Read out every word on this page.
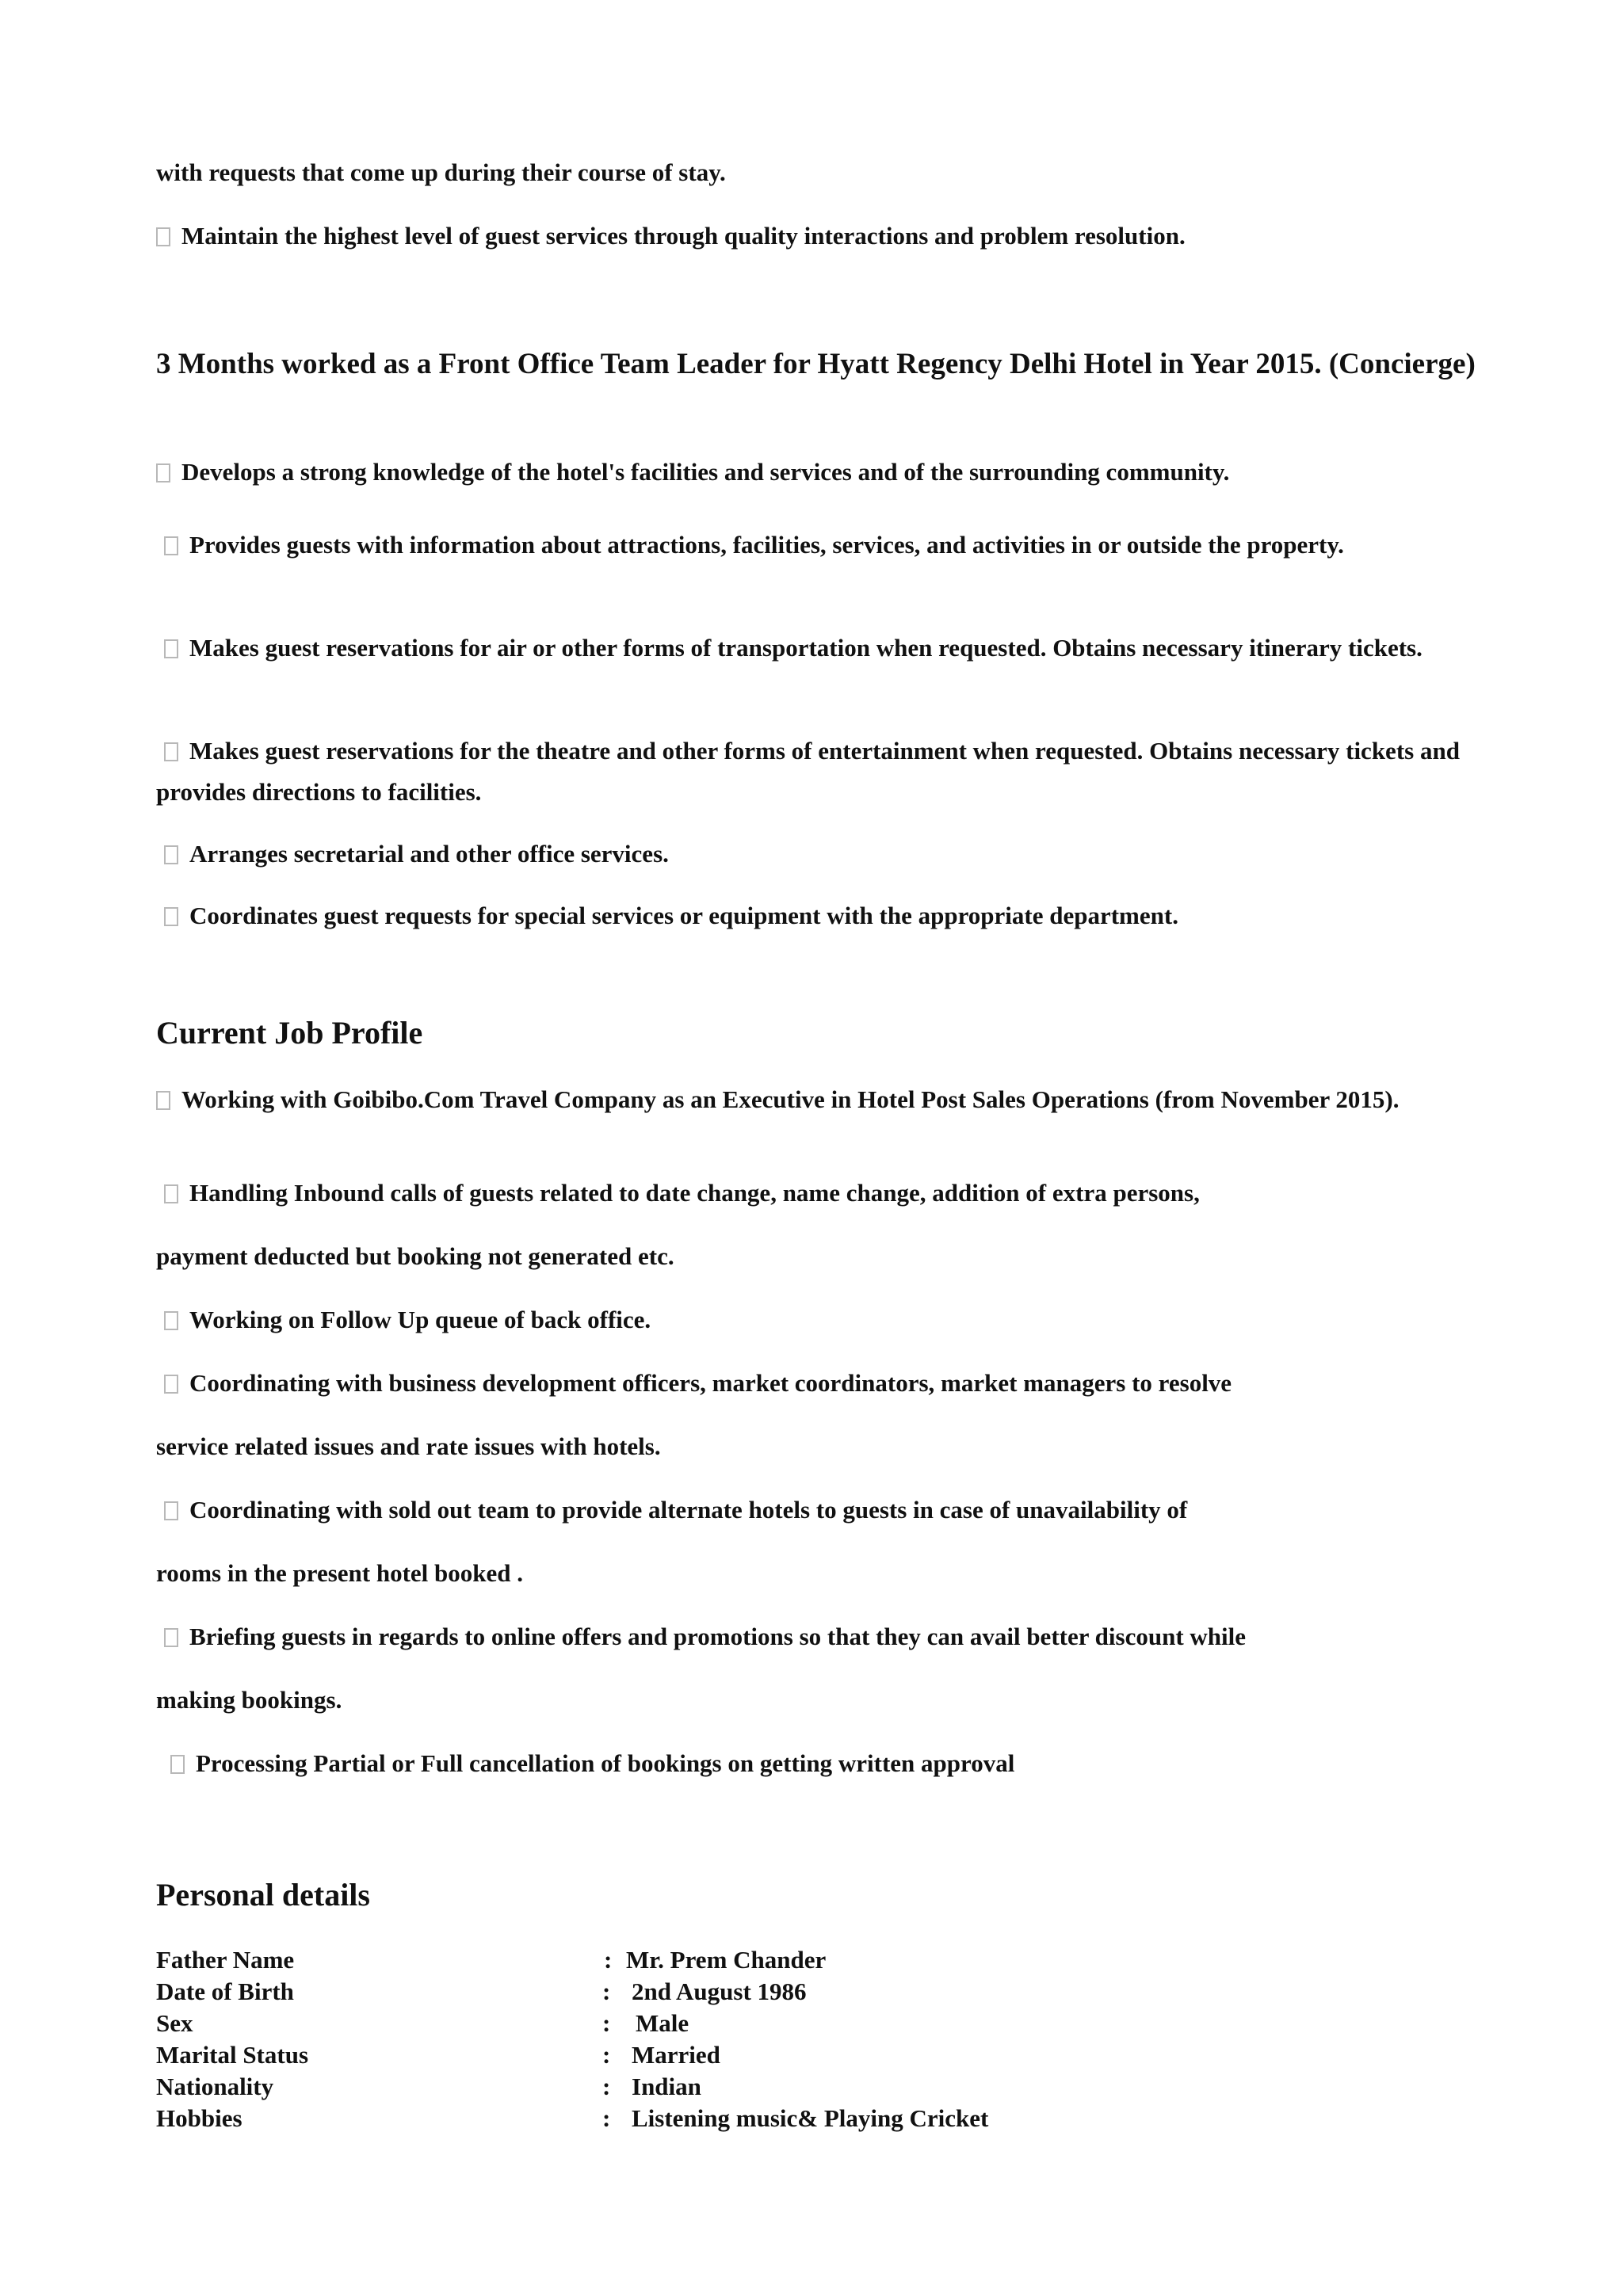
with requests that come up during their course of stay.

Maintain the highest level of guest services through quality interactions and problem resolution.

3 Months worked as a Front Office Team Leader for Hyatt Regency Delhi Hotel in Year 2015. (Concierge)

Develops a strong knowledge of the hotel's facilities and services and of the surrounding community.

Provides guests with information about attractions, facilities, services, and activities in or outside the property.

Makes guest reservations for air or other forms of transportation when requested. Obtains necessary itinerary tickets.

Makes guest reservations for the theatre and other forms of entertainment when requested. Obtains necessary tickets and provides directions to facilities.

Arranges secretarial and other office services.

Coordinates guest requests for special services or equipment with the appropriate department.

Current Job Profile

Working with Goibibo.Com Travel Company as an Executive in Hotel Post Sales Operations (from November 2015).

Handling Inbound calls of guests related to date change, name change, addition of extra persons,

payment deducted but booking not generated etc.

Working on Follow Up queue of back office.

Coordinating with business development officers, market coordinators, market managers to resolve

service related issues and rate issues with hotels.

Coordinating with sold out team to provide alternate hotels to guests in case of unavailability of

rooms in the present hotel booked .

Briefing guests in regards to online offers and promotions so that they can avail better discount while

making bookings.

Processing Partial or Full cancellation of bookings on getting written approval

Personal details

Father Name	: Mr. Prem Chander
Date of Birth	: 2nd August 1986
Sex	: Male
Marital Status	: Married
Nationality	: Indian
Hobbies	: Listening music& Playing Cricket
